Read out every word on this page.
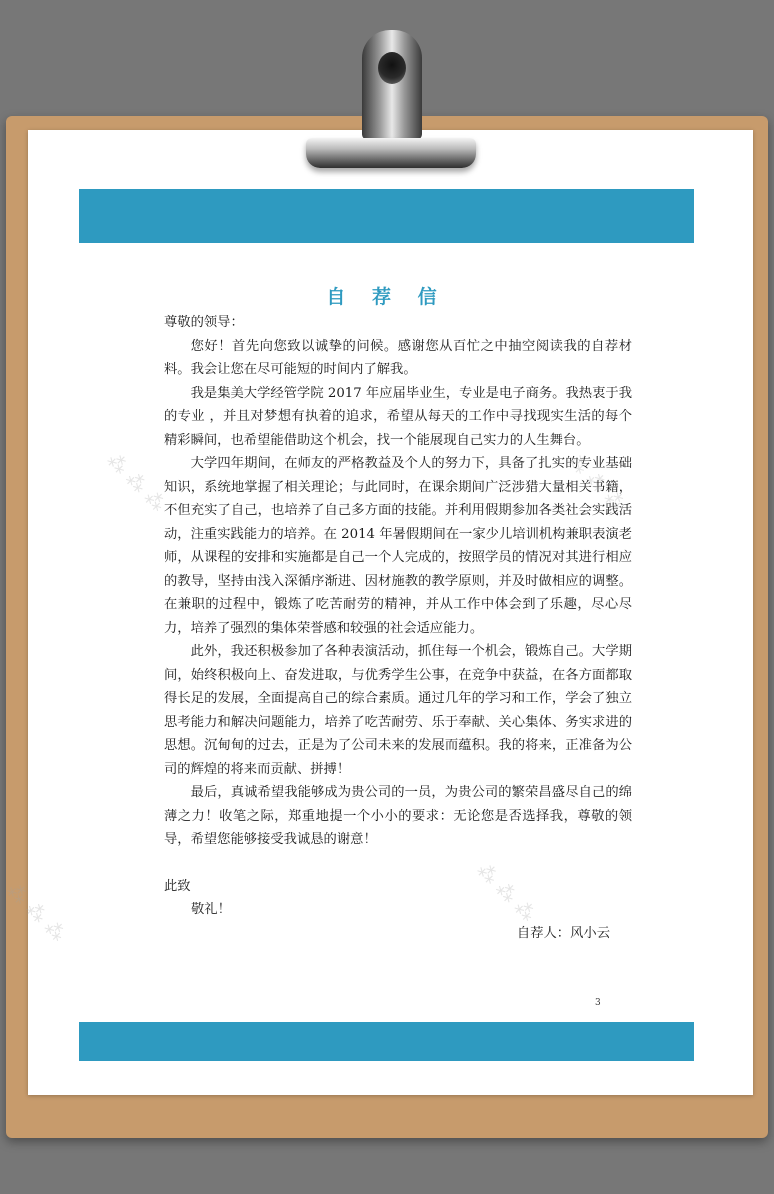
自 荐 信

尊敬的领导：

您好！首先向您致以诚挚的问候。感谢您从百忙之中抽空阅读我的自荐材料。我会让您在尽可能短的时间内了解我。

我是集美大学经管学院 2017 年应届毕业生，专业是电子商务。我热衷于我的专业 ，并且对梦想有执着的追求，希望从每天的工作中寻找现实生活的每个精彩瞬间，也希望能借助这个机会，找一个能展现自己实力的人生舞台。

大学四年期间，在师友的严格教益及个人的努力下，具备了扎实的专业基础知识，系统地掌握了相关理论；与此同时，在课余期间广泛涉猎大量相关书籍，不但充实了自己，也培养了自己多方面的技能。并利用假期参加各类社会实践活动，注重实践能力的培养。在 2014 年暑假期间在一家少儿培训机构兼职表演老师，从课程的安排和实施都是自己一个人完成的，按照学员的情况对其进行相应的教导，坚持由浅入深循序渐进、因材施教的教学原则，并及时做相应的调整。在兼职的过程中，锻炼了吃苦耐劳的精神，并从工作中体会到了乐趣，尽心尽力，培养了强烈的集体荣誉感和较强的社会适应能力。

此外，我还积极参加了各种表演活动，抓住每一个机会，锻炼自己。大学期间，始终积极向上、奋发进取，与优秀学生公事，在竞争中获益，在各方面都取得长足的发展，全面提高自己的综合素质。通过几年的学习和工作，学会了独立思考能力和解决问题能力，培养了吃苦耐劳、乐于奉献、关心集体、务实求进的思想。沉甸甸的过去，正是为了公司未来的发展而蕴积。我的将来，正准备为公司的辉煌的将来而贡献、拼搏！

最后，真诚希望我能够成为贵公司的一员，为贵公司的繁荣昌盛尽自己的绵薄之力！收笔之际，郑重地提一个小小的要求：无论您是否选择我，尊敬的领导，希望您能够接受我诚恳的谢意！

此致

敬礼！

自荐人：风小云

3
⁂ ⁂ ⁂	⁂ ⁂ ⁂
⁂ ⁂ ⁂	⁂ ⁂ ⁂
